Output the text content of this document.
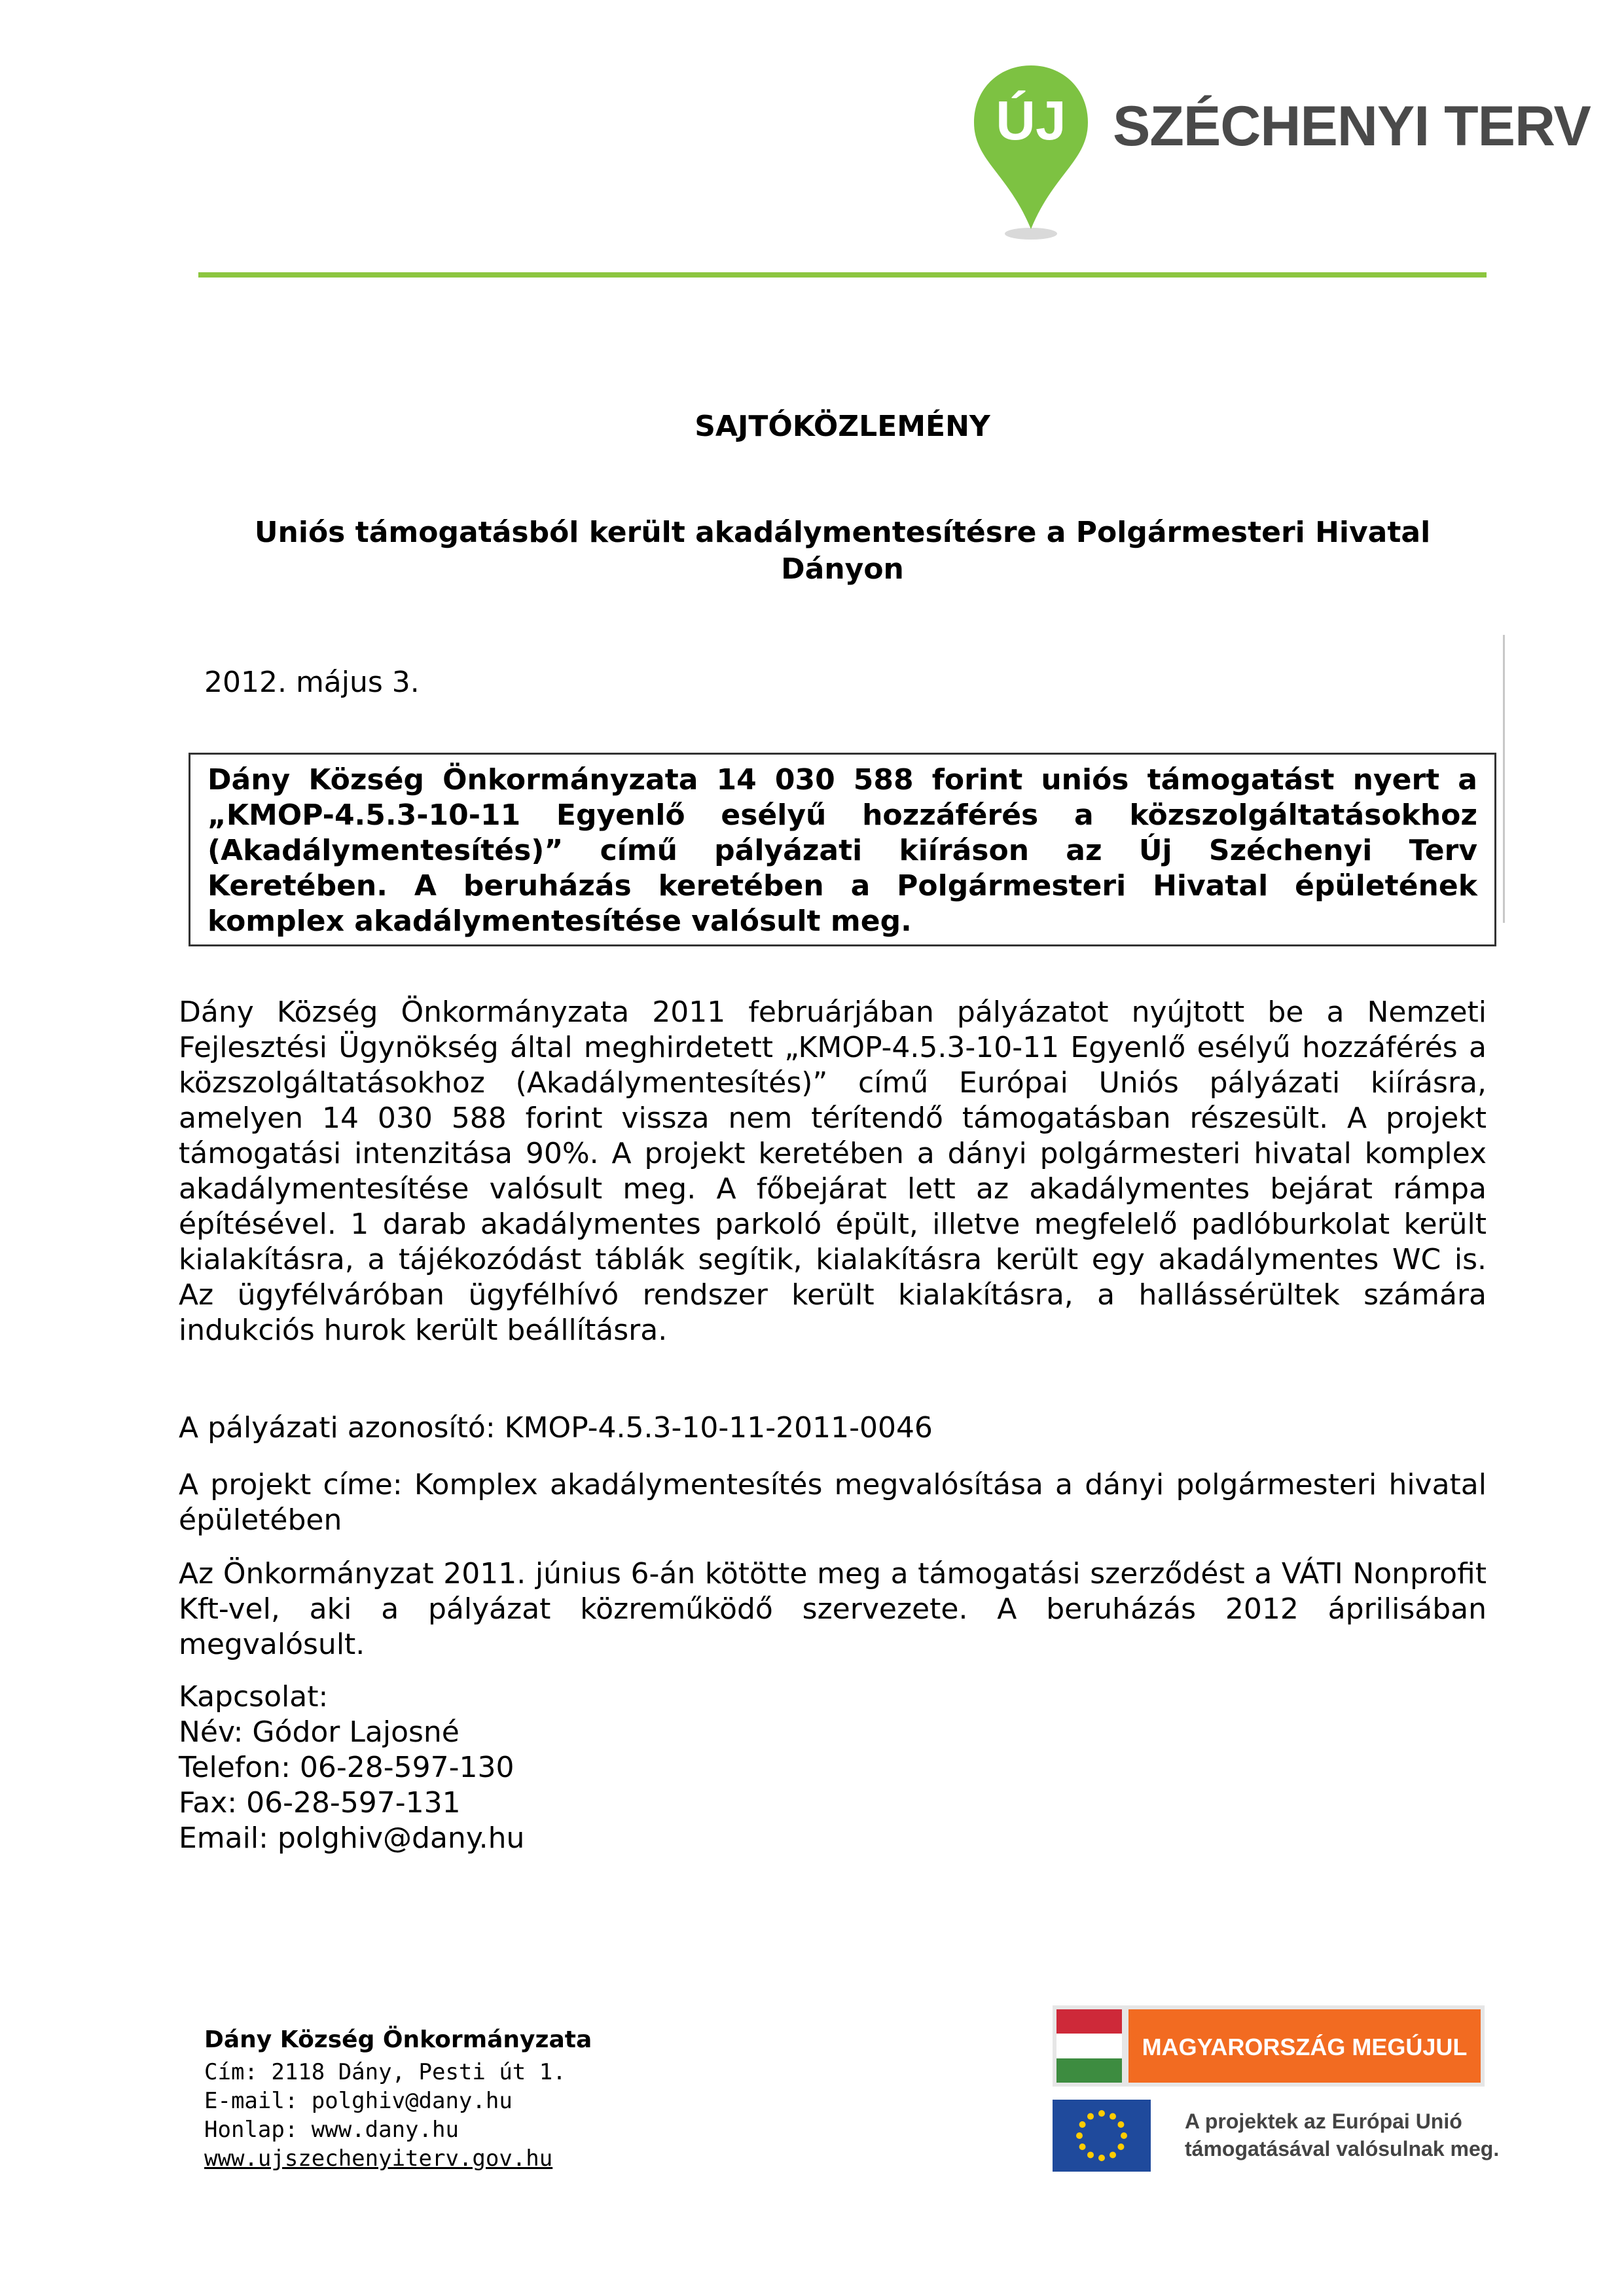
ÚJ SZÉCHENYI TERV
SAJTÓKÖZLEMÉNY
Uniós támogatásból került akadálymentesítésre a Polgármesteri Hivatal
Dányon
2012. május 3.

Dány Község Önkormányzata 14 030 588 forint uniós támogatást nyert a „KMOP-4.5.3-10-11 Egyenlő esélyű hozzáférés a közszolgáltatásokhoz (Akadálymentesítés)” című pályázati kiíráson az Új Széchenyi Terv Keretében. A beruházás keretében a Polgármesteri Hivatal épületének komplex akadálymentesítése valósult meg.

Dány Község Önkormányzata 2011 februárjában pályázatot nyújtott be a Nemzeti Fejlesztési Ügynökség által meghirdetett „KMOP-4.5.3-10-11 Egyenlő esélyű hozzáférés a közszolgáltatásokhoz (Akadálymentesítés)” című Európai Uniós pályázati kiírásra, amelyen 14 030 588 forint vissza nem térítendő támogatásban részesült. A projekt támogatási intenzitása 90%. A projekt keretében a dányi polgármesteri hivatal komplex akadálymentesítése valósult meg. A főbejárat lett az akadálymentes bejárat rámpa építésével. 1 darab akadálymentes parkoló épült, illetve megfelelő padlóburkolat került kialakításra, a tájékozódást táblák segítik, kialakításra került egy akadálymentes WC is. Az ügyfélváróban ügyfélhívó rendszer került kialakításra, a hallássérültek számára indukciós hurok került beállításra.

A pályázati azonosító: KMOP-4.5.3-10-11-2011-0046

A projekt címe: Komplex akadálymentesítés megvalósítása a dányi polgármesteri hivatal épületében

Az Önkormányzat 2011. június 6-án kötötte meg a támogatási szerződést a VÁTI Nonprofit Kft-vel, aki a pályázat közreműködő szervezete. A beruházás 2012 áprilisában megvalósult.

Kapcsolat:
Név: Gódor Lajosné
Telefon: 06-28-597-130
Fax: 06-28-597-131
Email: polghiv@dany.hu
Dány Község Önkormányzata
Cím: 2118 Dány, Pesti út 1.
E-mail: polghiv@dany.hu
Honlap: www.dany.hu
www.ujszechenyiterv.gov.hu
MAGYARORSZÁG MEGÚJUL
A projektek az Európai Unió
támogatásával valósulnak meg.
